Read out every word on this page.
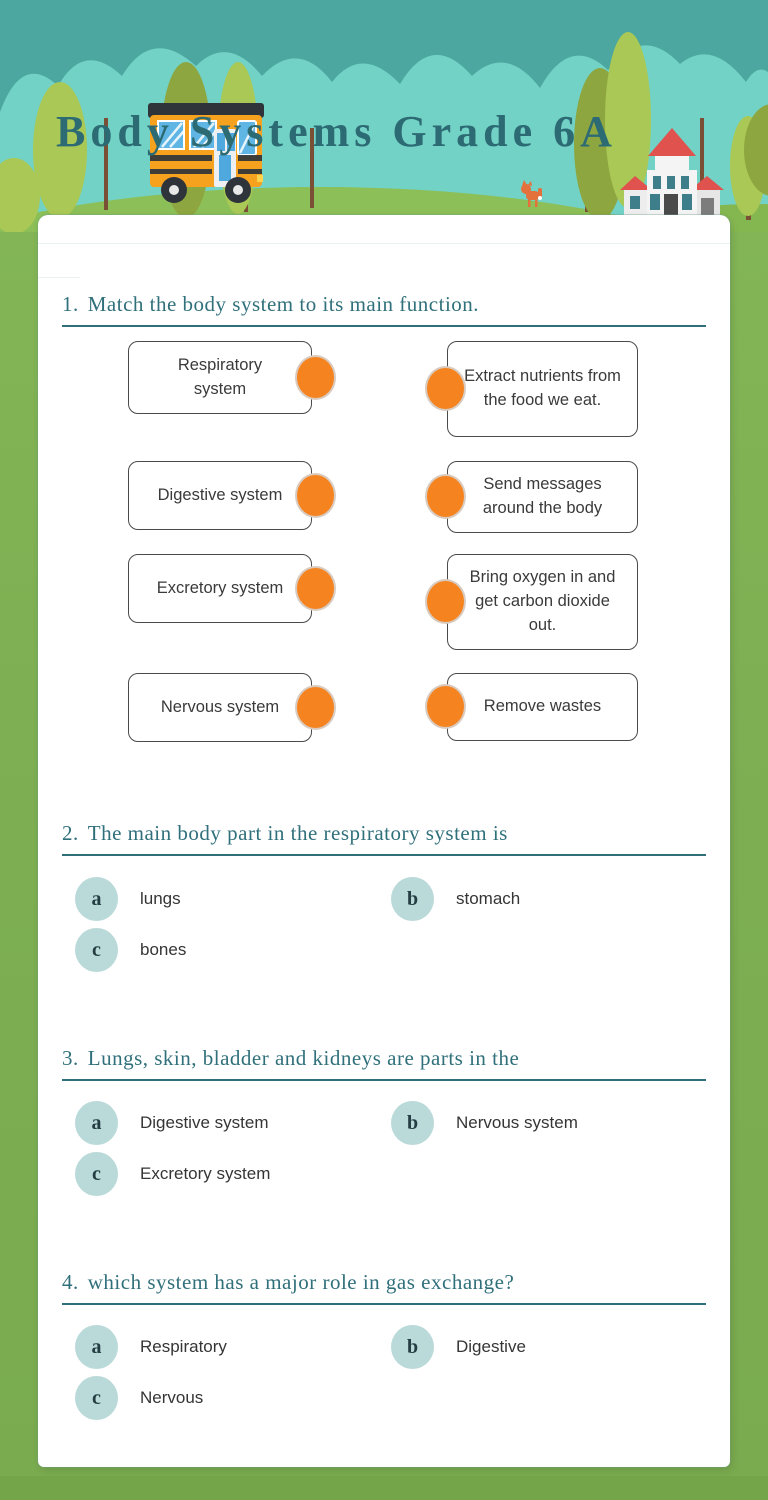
Body Systems Grade 6A
1. Match the body system to its main function.
Respiratory system
Digestive system
Excretory system
Nervous system
Extract nutrients from the food we eat.
Send messages around the body
Bring oxygen in and get carbon dioxide out.
Remove wastes
2. The main body part in the respiratory system is
a	lungs	b	stomach
c	bones
3. Lungs, skin, bladder and kidneys are parts in the
a	Digestive system	b	Nervous system
c	Excretory system
4. which system has a major role in gas exchange?
a	Respiratory	b	Digestive
c	Nervous
